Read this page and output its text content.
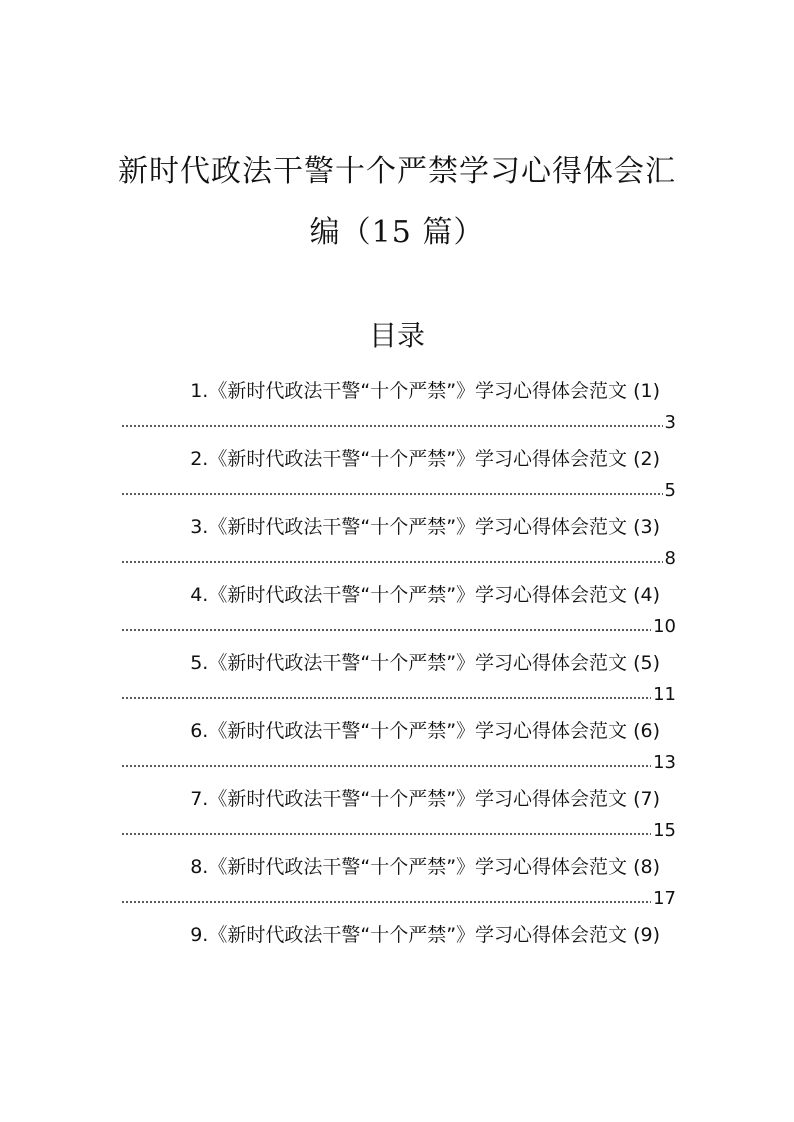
新时代政法干警十个严禁学习心得体会汇
编（15 篇）
目录
1.《新时代政法干警“十个严禁”》学习心得体会范文 (1)
3
2.《新时代政法干警“十个严禁”》学习心得体会范文 (2)
5
3.《新时代政法干警“十个严禁”》学习心得体会范文 (3)
8
4.《新时代政法干警“十个严禁”》学习心得体会范文 (4)
10
5.《新时代政法干警“十个严禁”》学习心得体会范文 (5)
11
6.《新时代政法干警“十个严禁”》学习心得体会范文 (6)
13
7.《新时代政法干警“十个严禁”》学习心得体会范文 (7)
15
8.《新时代政法干警“十个严禁”》学习心得体会范文 (8)
17
9.《新时代政法干警“十个严禁”》学习心得体会范文 (9)
